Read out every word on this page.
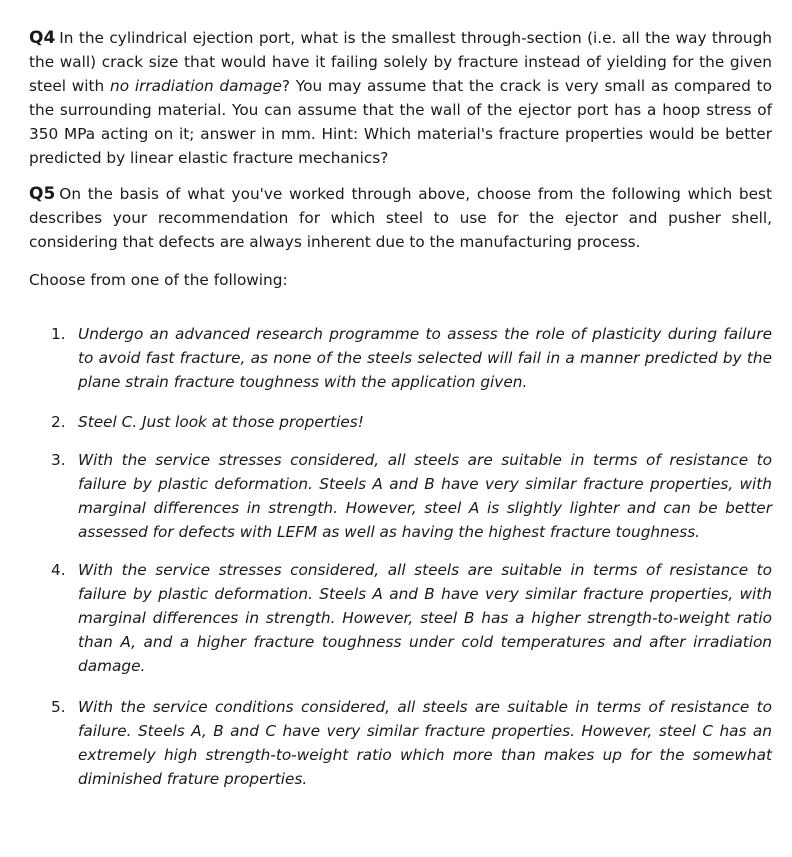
Q4 In the cylindrical ejection port, what is the smallest through-section (i.e. all the way through the wall) crack size that would have it failing solely by fracture instead of yielding for the given steel with no irradiation damage? You may assume that the crack is very small as compared to the surrounding material. You can assume that the wall of the ejector port has a hoop stress of 350 MPa acting on it; answer in mm. Hint: Which material's fracture properties would be better predicted by linear elastic fracture mechanics?

Q5 On the basis of what you've worked through above, choose from the following which best describes your recommendation for which steel to use for the ejector and pusher shell, considering that defects are always inherent due to the manufacturing process.

Choose from one of the following:

1. Undergo an advanced research programme to assess the role of plasticity during failure to avoid fast fracture, as none of the steels selected will fail in a manner predicted by the plane strain fracture toughness with the application given.
2. Steel C. Just look at those properties!
3. With the service stresses considered, all steels are suitable in terms of resistance to failure by plastic deformation. Steels A and B have very similar fracture properties, with marginal differences in strength. However, steel A is slightly lighter and can be better assessed for defects with LEFM as well as having the highest fracture toughness.
4. With the service stresses considered, all steels are suitable in terms of resistance to failure by plastic deformation. Steels A and B have very similar fracture properties, with marginal differences in strength. However, steel B has a higher strength-to-weight ratio than A, and a higher fracture toughness under cold temperatures and after irradiation damage.
5. With the service conditions considered, all steels are suitable in terms of resistance to failure. Steels A, B and C have very similar fracture properties. However, steel C has an extremely high strength-to-weight ratio which more than makes up for the somewhat diminished frature properties.
